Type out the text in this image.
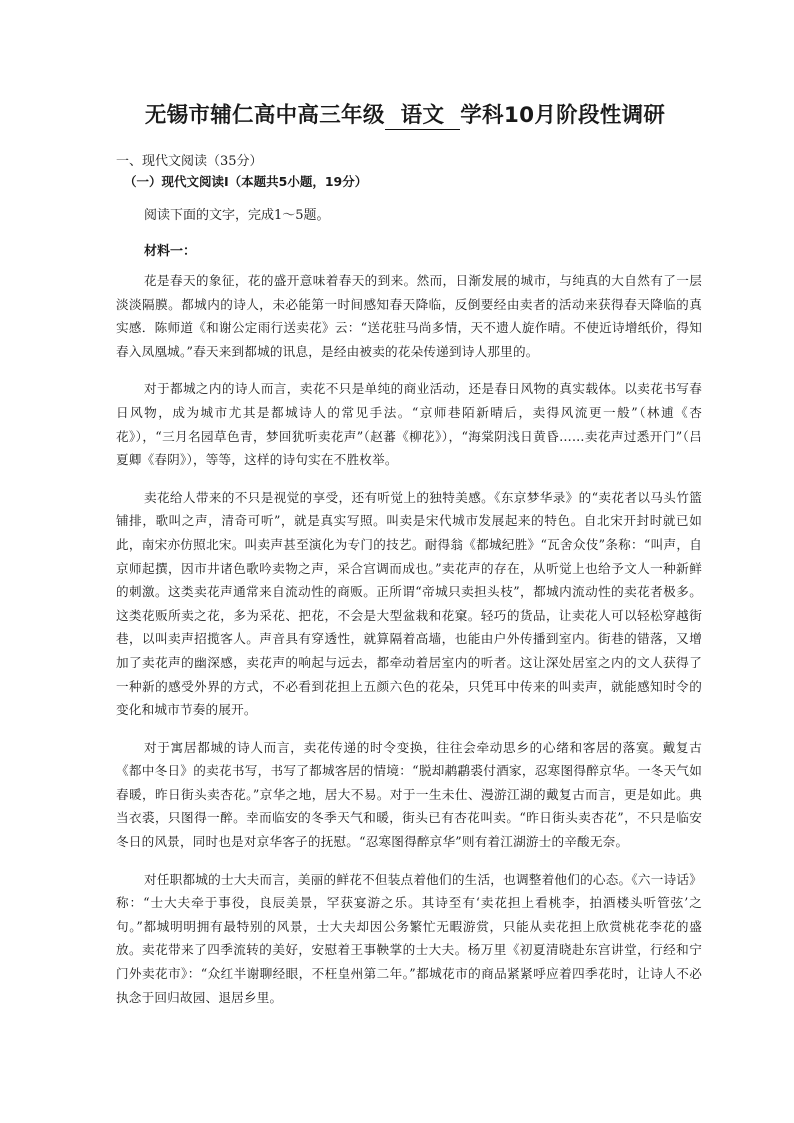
无锡市辅仁高中高三年级 语文 学科10月阶段性调研

一、现代文阅读（35分）

（一）现代文阅读Ⅰ（本题共5小题，19分）

阅读下面的文字，完成1～5题。

材料一：

花是春天的象征，花的盛开意味着春天的到来。然而，日渐发展的城市，与纯真的大自然有了一层淡淡隔膜。都城内的诗人，未必能第一时间感知春天降临，反倒要经由卖者的活动来获得春天降临的真实感．陈师道《和谢公定雨行送卖花》云：“送花驻马尚多情，天不遗人旋作晴。不使近诗增纸价，得知春入凤凰城。”春天来到都城的讯息，是经由被卖的花朵传递到诗人那里的。

对于都城之内的诗人而言，卖花不只是单纯的商业活动，还是春日风物的真实载体。以卖花书写春日风物，成为城市尤其是都城诗人的常见手法。“京师巷陌新晴后，卖得风流更一般”（林逋《杏花》），“三月名园草色青，梦回犹听卖花声”（赵蕃《柳花》），“海棠阴浅日黄昏……卖花声过悉开门”（吕夏卿《春阴》），等等，这样的诗句实在不胜枚举。

卖花给人带来的不只是视觉的享受，还有听觉上的独特美感。《东京梦华录》的“卖花者以马头竹篮铺排，歌叫之声，清奇可听”，就是真实写照。叫卖是宋代城市发展起来的特色。自北宋开封时就已如此，南宋亦仿照北宋。叫卖声甚至演化为专门的技艺。耐得翁《都城纪胜》“瓦舍众伎”条称：“叫声，自京师起撰，因市井诸色歌吟卖物之声，采合宫调而成也。”卖花声的存在，从听觉上也给予文人一种新鲜的刺激。这类卖花声通常来自流动性的商贩。正所谓“帝城只卖担头枝”，都城内流动性的卖花者极多。这类花贩所卖之花，多为采花、把花，不会是大型盆栽和花窠。轻巧的货品，让卖花人可以轻松穿越街巷，以叫卖声招揽客人。声音具有穿透性，就算隔着高墙，也能由户外传播到室内。街巷的错落，又增加了卖花声的幽深感，卖花声的响起与远去，都牵动着居室内的听者。这让深处居室之内的文人获得了一种新的感受外界的方式，不必看到花担上五颜六色的花朵，只凭耳中传来的叫卖声，就能感知时令的变化和城市节奏的展开。

对于寓居都城的诗人而言，卖花传递的时令变换，往往会牵动思乡的心绪和客居的落寞。戴复古《都中冬日》的卖花书写，书写了都城客居的情境：“脱却鹔鹴裘付酒家，忍寒图得醉京华。一冬天气如春暖，昨日街头卖杏花。”京华之地，居大不易。对于一生未仕、漫游江湖的戴复古而言，更是如此。典当衣裘，只图得一醉。幸而临安的冬季天气和暖，街头已有杏花叫卖。“昨日街头卖杏花”，不只是临安冬日的风景，同时也是对京华客子的抚慰。“忍寒图得醉京华”则有着江湖游士的辛酸无奈。

对任职都城的士大夫而言，美丽的鲜花不但装点着他们的生活，也调整着他们的心态。《六一诗话》称：“士大夫牵于事役，良辰美景，罕获宴游之乐。其诗至有‘卖花担上看桃李，拍酒楼头听管弦’之句。”都城明明拥有最特别的风景，士大夫却因公务繁忙无暇游赏，只能从卖花担上欣赏桃花李花的盛放。卖花带来了四季流转的美好，安慰着王事鞅掌的士大夫。杨万里《初夏清晓赴东宫讲堂，行经和宁门外卖花市》：“众红半谢聊经眼，不枉皇州第二年。”都城花市的商品紧紧呼应着四季花时，让诗人不必执念于回归故园、退居乡里。
